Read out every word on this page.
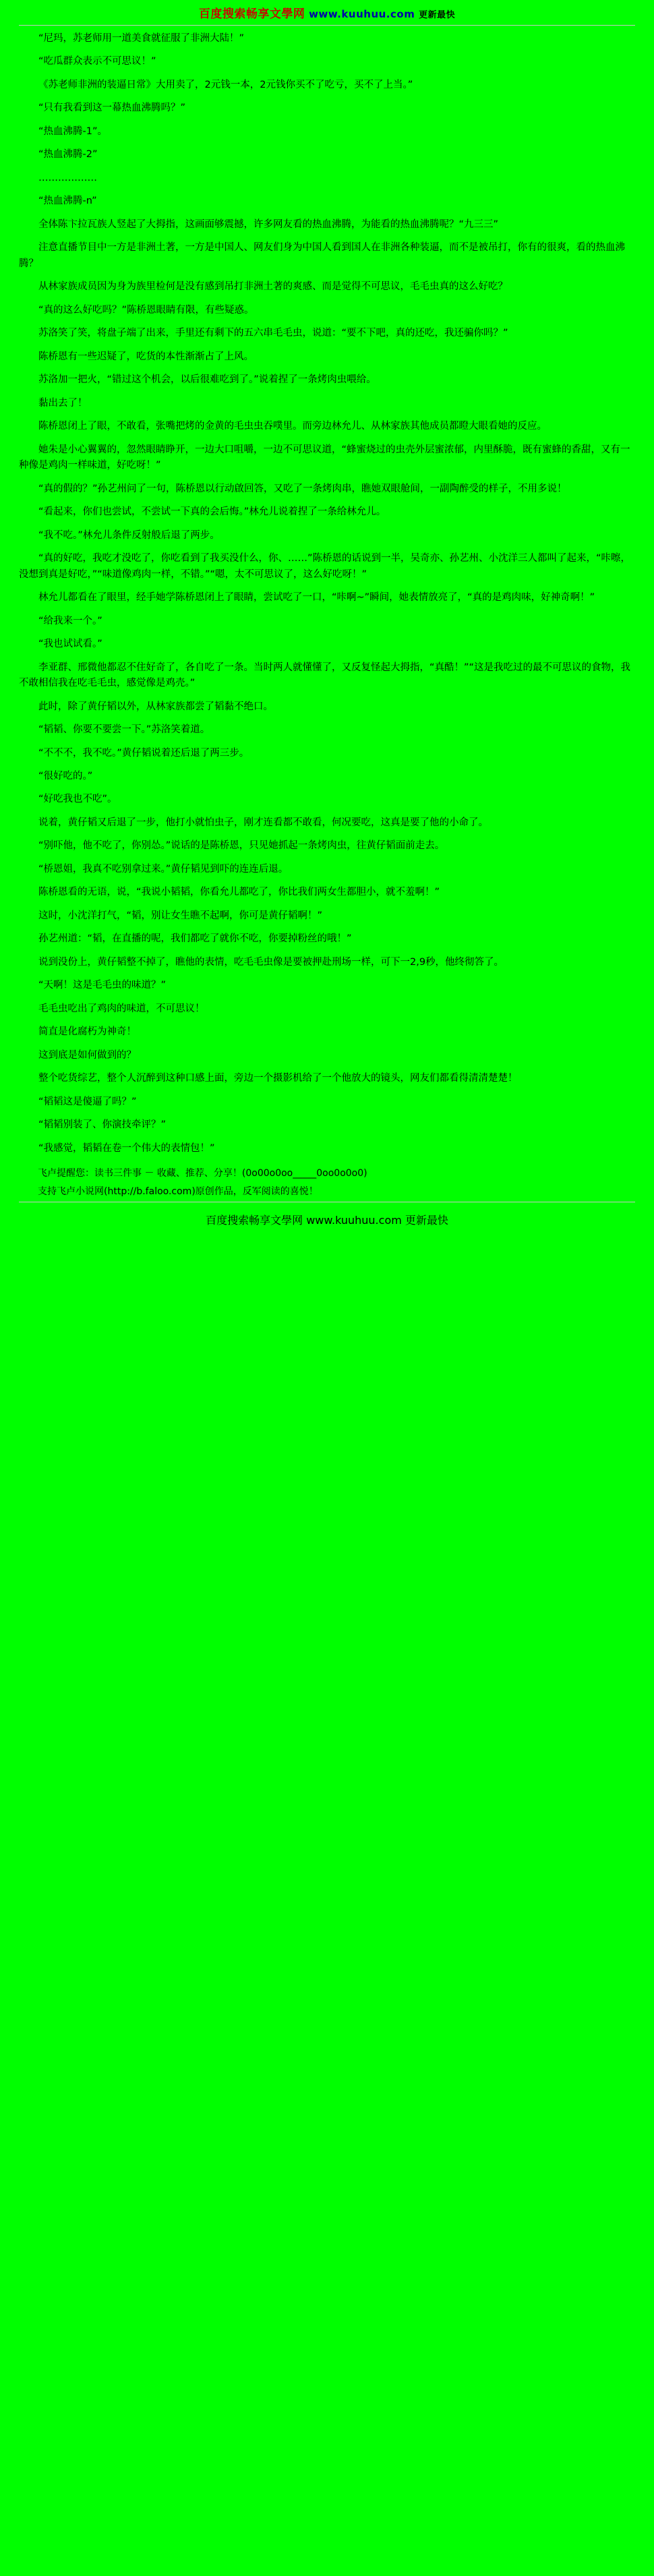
百度搜索畅享文學网 www.kuuhuu.com 更新最快

“尼玛，苏老师用一道美食就征服了非洲大陆！”

“吃瓜群众表示不可思议！”

《苏老师非洲的装逼日常》大用卖了，2元钱一本，2元钱你买不了吃亏，买不了上当。”

“只有我看到这一幕热血沸腾吗？”

“热血沸腾-1”。

“热血沸腾-2”

………………

“热血沸腾-n”

全体陈卞拉瓦族人竖起了大拇指，这画面够震撼，许多网友看的热血沸腾，为能看的热血沸腾呢？“九三三”

注意直播节目中一方是非洲土著，一方是中国人、网友们身为中国人看到国人在非洲各种装逼，而不是被吊打，你有的很爽，看的热血沸腾？

从林家族成员因为身为族里检何是没有感到吊打非洲土著的爽感、而是觉得不可思议，毛毛虫真的这么好吃？

“真的这么好吃吗？”陈桥恩眼睛有限，有些疑惑。

苏洛笑了笑，将盘子端了出来，手里还有剩下的五六串毛毛虫，说道：“要不下吧，真的还吃，我还骗你吗？”

陈桥恩有一些迟疑了，吃货的本性渐渐占了上风。

苏洛加一把火，“错过这个机会，以后很难吃到了。”说着捏了一条烤肉虫喂给。

黏出去了！

陈桥恩闭上了眼，不敢看，张嘴把烤的金黄的毛虫虫吞噗里。而旁边林允儿、从林家族其他成员都瞪大眼看她的反应。

她朱是小心翼翼的，忽然眼睛睁开，一边大口咀嚼，一边不可思议道，“蜂蜜烧过的虫壳外层蜜浓郁，内里酥脆，既有蜜蜂的香甜，又有一种像是鸡肉一样味道，好吃呀！”

“真的假的？”孙艺州问了一句，陈桥恩以行动啟回答，又吃了一条烤肉串，瞧她双眼舱间，一副陶醉受的样子，不用多说！

“看起来，你们也尝试，不尝试一下真的会后悔。”林允儿说着捏了一条给林允儿。

“我不吃。”林允儿条件反射般后退了两步。

“真的好吃，我吃才没吃了，你吃看到了我买没什么，你、……”陈桥恩的话说到一半，吴奇亦、孙艺州、小沈洋三人都叫了起来，“咔嚓，没想到真是好吃，”“味道像鸡肉一样，不错。”“嗯，太不可思议了，这么好吃呀！”

林允儿都看在了眼里，经手她学陈桥恩闭上了眼睛，尝试吃了一口，“咔啊~”瞬间，她表情放亮了，“真的是鸡肉味，好神奇啊！”

“给我来一个。”

“我也试试看。”

李亚群、邢微他都忍不住好奇了，各自吃了一条。当时两人就懂懂了，又反复怪起大拇指，“真酷！”“这是我吃过的最不可思议的食物，我不敢相信我在吃毛毛虫，感觉像是鸡壳。”

此时，除了黄仔韬以外，从林家族都尝了韬黏不绝口。

“韬韬、你要不要尝一下。”苏洛笑着道。

“不不不，我不吃。”黄仔韬说着还后退了两三步。

“很好吃的。”

“好吃我也不吃”。

说着，黄仔韬又后退了一步，他打小就怕虫子，刚才连看都不敢看，何况要吃，这真是要了他的小命了。

“别吓他，他不吃了，你别怂。”说话的是陈桥恩，只见她抓起一条烤肉虫，往黄仔韬面前走去。

“桥恩姐，我真不吃别拿过来。”黄仔韬见到吓的连连后退。

陈桥恩看的无语，说，“我说小韬韬，你看允儿都吃了，你比我们两女生都胆小，就不羞啊！”

这时，小沈洋打气，“韬，别让女生瞧不起啊，你可是黄仔韬啊！”

孙艺州道：“韬，在直播的呢，我们都吃了就你不吃，你要掉粉丝的哦！”

说到没份上，黄仔韬整不掉了，瞧他的表情，吃毛毛虫像是要被押赴刑场一样，可下一2,9秒，他终彻答了。

“天啊！这是毛毛虫的味道？”

毛毛虫吃出了鸡肉的味道，不可思议！

简直是化腐朽为神奇！

这到底是如何做到的？

整个吃货综艺，整个人沉醉到这种口感上面，旁边一个摄影机给了一个他放大的镜头，网友们都看得清清楚楚！

“韬韬这是傻逼了吗？”

“韬韬别装了、你演技牵评？”

“我感觉，韬韬在卷一个伟大的表情包！”

飞卢提醒您：读书三件事 － 收藏、推荐、分享！(0o00o0oo_____0oo0o0o0)

支持飞卢小说网(http://b.faloo.com)原创作品，反军阅读的喜悦！

百度搜索畅享文學网 www.kuuhuu.com 更新最快
